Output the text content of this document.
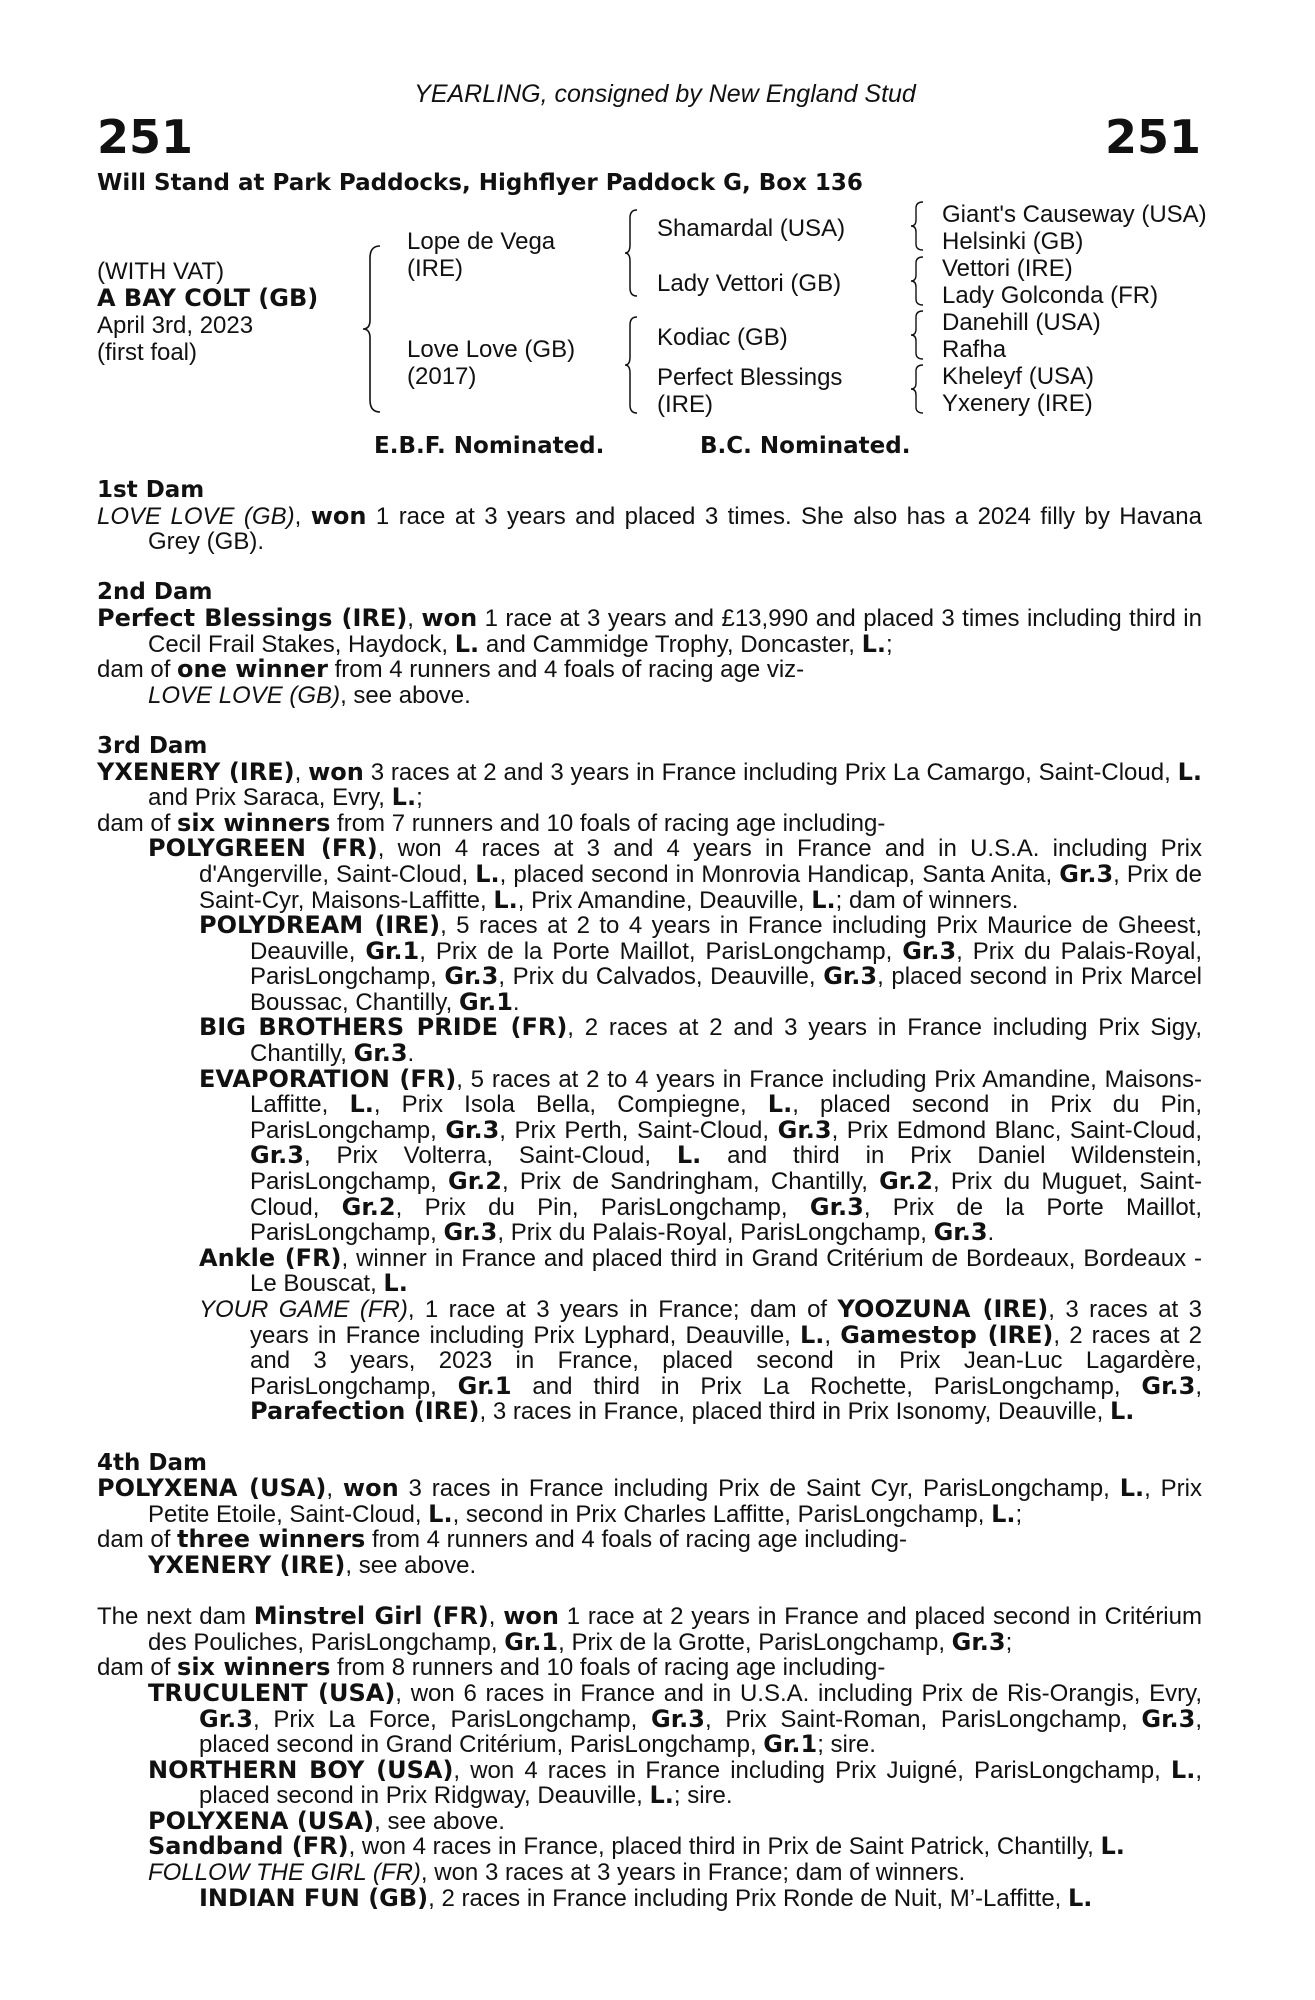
YEARLING, consigned by New England Stud
251	251
Will Stand at Park Paddocks, Highflyer Paddock G, Box 136
(WITH VAT)
A BAY COLT (GB)
April 3rd, 2023
(first foal)
Lope de Vega
(IRE)
Love Love (GB)
(2017)
Shamardal (USA)
Lady Vettori (GB)
Kodiac (GB)
Perfect Blessings
(IRE)
Giant's Causeway (USA)
Helsinki (GB)
Vettori (IRE)
Lady Golconda (FR)
Danehill (USA)
Rafha
Kheleyf (USA)
Yxenery (IRE)
E.B.F. Nominated.	B.C. Nominated.
1st Dam
LOVE LOVE (GB), won 1 race at 3 years and placed 3 times. She also has a 2024 filly by Havana Grey (GB).
2nd Dam
Perfect Blessings (IRE), won 1 race at 3 years and £13,990 and placed 3 times including third in Cecil Frail Stakes, Haydock, L. and Cammidge Trophy, Doncaster, L.;
dam of one winner from 4 runners and 4 foals of racing age viz-
LOVE LOVE (GB), see above.
3rd Dam
YXENERY (IRE), won 3 races at 2 and 3 years in France including Prix La Camargo, Saint-Cloud, L. and Prix Saraca, Evry, L.;
dam of six winners from 7 runners and 10 foals of racing age including-
POLYGREEN (FR), won 4 races at 3 and 4 years in France and in U.S.A. including Prix d'Angerville, Saint-Cloud, L., placed second in Monrovia Handicap, Santa Anita, Gr.3, Prix de Saint-Cyr, Maisons-Laffitte, L., Prix Amandine, Deauville, L.; dam of winners.
POLYDREAM (IRE), 5 races at 2 to 4 years in France including Prix Maurice de Gheest, Deauville, Gr.1, Prix de la Porte Maillot, ParisLongchamp, Gr.3, Prix du Palais-Royal, ParisLongchamp, Gr.3, Prix du Calvados, Deauville, Gr.3, placed second in Prix Marcel Boussac, Chantilly, Gr.1.
BIG BROTHERS PRIDE (FR), 2 races at 2 and 3 years in France including Prix Sigy, Chantilly, Gr.3.
EVAPORATION (FR), 5 races at 2 to 4 years in France including Prix Amandine, Maisons-Laffitte, L., Prix Isola Bella, Compiegne, L., placed second in Prix du Pin, ParisLongchamp, Gr.3, Prix Perth, Saint-Cloud, Gr.3, Prix Edmond Blanc, Saint-Cloud, Gr.3, Prix Volterra, Saint-Cloud, L. and third in Prix Daniel Wildenstein, ParisLongchamp, Gr.2, Prix de Sandringham, Chantilly, Gr.2, Prix du Muguet, Saint-Cloud, Gr.2, Prix du Pin, ParisLongchamp, Gr.3, Prix de la Porte Maillot, ParisLongchamp, Gr.3, Prix du Palais-Royal, ParisLongchamp, Gr.3.
Ankle (FR), winner in France and placed third in Grand Critérium de Bordeaux, Bordeaux - Le Bouscat, L.
YOUR GAME (FR), 1 race at 3 years in France; dam of YOOZUNA (IRE), 3 races at 3 years in France including Prix Lyphard, Deauville, L., Gamestop (IRE), 2 races at 2 and 3 years, 2023 in France, placed second in Prix Jean-Luc Lagardère, ParisLongchamp, Gr.1 and third in Prix La Rochette, ParisLongchamp, Gr.3, Parafection (IRE), 3 races in France, placed third in Prix Isonomy, Deauville, L.
4th Dam
POLYXENA (USA), won 3 races in France including Prix de Saint Cyr, ParisLongchamp, L., Prix Petite Etoile, Saint-Cloud, L., second in Prix Charles Laffitte, ParisLongchamp, L.;
dam of three winners from 4 runners and 4 foals of racing age including-
YXENERY (IRE), see above.
The next dam Minstrel Girl (FR), won 1 race at 2 years in France and placed second in Critérium des Pouliches, ParisLongchamp, Gr.1, Prix de la Grotte, ParisLongchamp, Gr.3;
dam of six winners from 8 runners and 10 foals of racing age including-
TRUCULENT (USA), won 6 races in France and in U.S.A. including Prix de Ris-Orangis, Evry, Gr.3, Prix La Force, ParisLongchamp, Gr.3, Prix Saint-Roman, ParisLongchamp, Gr.3, placed second in Grand Critérium, ParisLongchamp, Gr.1; sire.
NORTHERN BOY (USA), won 4 races in France including Prix Juigné, ParisLongchamp, L., placed second in Prix Ridgway, Deauville, L.; sire.
POLYXENA (USA), see above.
Sandband (FR), won 4 races in France, placed third in Prix de Saint Patrick, Chantilly, L.
FOLLOW THE GIRL (FR), won 3 races at 3 years in France; dam of winners.
INDIAN FUN (GB), 2 races in France including Prix Ronde de Nuit, M’-Laffitte, L.
